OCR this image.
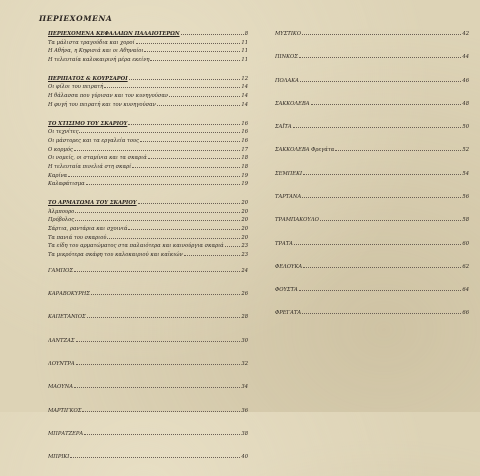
ΠΕΡΙΕΧΟΜΕΝΑ
ΠΕΡΙΕΧΟΜΕΝΑ ΚΕΦΑΛΑΙΩΝ ΠΑΛΑΙΟΤΕΡΩΝ	8
Τα μάλιστα τραγούδια και χοροί	11
Η Αθήνα, η Κηφισιά και οι Αθηναίοι	11
Η τελευταία καλοκαιρινή μέρα εκείνη	11
ΠΕΡΙΠΑΤΟΣ & ΚΟΥΡΣΑΡΟΙ	12
Οι φίλοι του πειρατή	14
Η θάλασσα που γύρισαν και τον κυνηγούσαν	14
Η φυγή του πειρατή και τον κυνηγούσαν	14
ΤΟ ΧΤΙΣΙΜΟ ΤΟΥ ΣΚΑΡΙΟΥ	16
Οι τεχνίτες	16
Οι μάστορες και τα εργαλεία τους	16
Ο κορμός	17
Οι νομείς, οι σταμίνια και τα σκαριά	18
Η τελευταία πινελιά στη σκαρί	18
Καρίνα	19
Καλαφάτισμα	19
ΤΟ ΑΡΜΑΤΩΜΑ ΤΟΥ ΣΚΑΡΙΟΥ	20
Άλμπουρο	20
Πρόβολος	20
Σάρτια, ραντάρια και σχοινιά	20
Τα πανιά του σκαριού	20
Τα είδη του αρματώματος στα παλαιότερα και καινούργια σκαριά	23
Τα μικρότερα σκάφη του καλοκαιριού και καϊκιών	23
ΓΑΜΠΟΣ	24
ΚΑΡΑΒΟΚΥΡΗΣ	26
ΚΑΠΕΤΑΝΙΟΣ	28
ΛΑΝΤΖΑΣ	30
ΛΟΥΝΤΡΑ	32
ΜΑΟΥΝΑ	34
ΜΑΡΤΙΓΚΟΣ	36
ΜΠΡΑΤΖΕΡΑ	38
ΜΠΡΙΚΙ	40
ΜΥΣΤΙΚΟ	42
ΠΙΝΚΟΣ	44
ΠΟΛΑΚΑ	46
ΣΑΚΚΟΛΕΒΑ	48
ΣΑΪΤΑ	50
ΣΑΚΚΟΛΕΒΑ Φρεγάτα	52
ΣΕΜΠΕΚΙ	54
ΤΑΡΤΑΝΑ	56
ΤΡΑΜΠΑΚΟΥΛΟ	58
ΤΡΑΤΑ	60
ΦΕΛΟΥΚΑ	62
ΦΟΥΣΤΑ	64
ΦΡΕΓΑΤΑ	66
